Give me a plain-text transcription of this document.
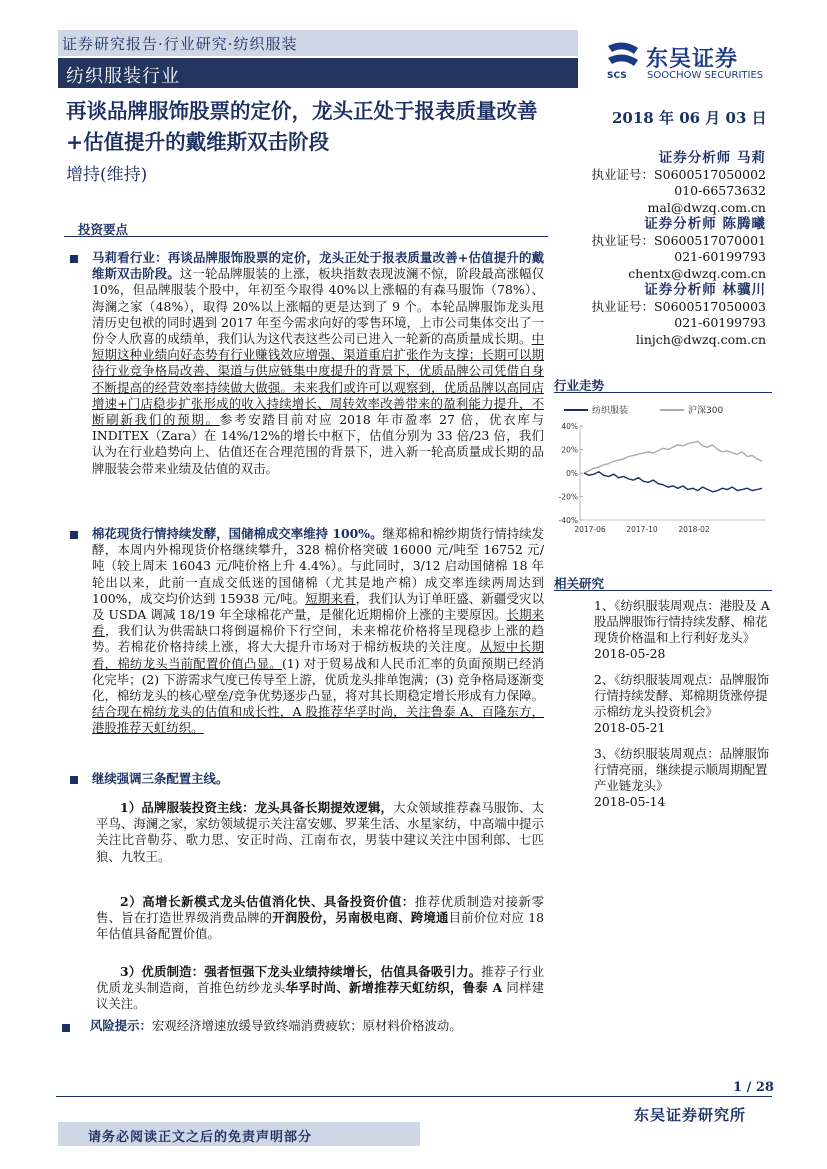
证券研究报告·行业研究·纺织服装
纺织服装行业	SCS
东吴证券
SOOCHOW SECURITIES
再谈品牌服饰股票的定价，龙头正处于报表质量改善+估值提升的戴维斯双击阶段
增持(维持)
2018 年 06 月 03 日
证券分析师 马莉
执业证号：S0600517050002
010-66573632
mal@dwzq.com.cn
证券分析师 陈腾曦
执业证号：S0600517070001
021-60199793
chentx@dwzq.com.cn
证券分析师 林骥川
执业证号：S0600517050003
021-60199793
linjch@dwzq.com.cn
投资要点
马莉看行业：再谈品牌服饰股票的定价，龙头正处于报表质量改善+估值提升的戴维斯双击阶段。这一轮品牌服装的上涨，板块指数表现波澜不惊，阶段最高涨幅仅 10%，但品牌服装个股中，年初至今取得 40%以上涨幅的有森马服饰（78%）、海澜之家（48%），取得 20%以上涨幅的更是达到了 9 个。本轮品牌服饰龙头甩清历史包袱的同时遇到 2017 年至今需求向好的零售环境，上市公司集体交出了一份令人欣喜的成绩单，我们认为这代表这些公司已进入一轮新的高质量成长期。中短期这种业绩向好态势有行业赚钱效应增强、渠道重启扩张作为支撑；长期可以期待行业竞争格局改善、渠道与供应链集中度提升的背景下，优质品牌公司凭借自身不断提高的经营效率持续做大做强。未来我们或许可以观察到，优质品牌以高同店增速+门店稳步扩张形成的收入持续增长、周转效率改善带来的盈利能力提升，不断刷新我们的预期。参考安踏目前对应 2018 年市盈率 27 倍，优衣库与 INDITEX（Zara）在 14%/12%的增长中枢下，估值分别为 33 倍/23 倍，我们认为在行业趋势向上、估值还在合理范围的背景下，进入新一轮高质量成长期的品牌服装会带来业绩及估值的双击。
棉花现货行情持续发酵，国储棉成交率维持 100%。继郑棉和棉纱期货行情持续发酵，本周内外棉现货价格继续攀升，328 棉价格突破 16000 元/吨至 16752 元/吨（较上周末 16043 元/吨价格上升 4.4%）。与此同时，3/12 启动国储棉 18 年轮出以来，此前一直成交低迷的国储棉（尤其是地产棉）成交率连续两周达到 100%，成交均价达到 15938 元/吨。短期来看，我们认为订单旺盛、新疆受灾以及 USDA 调减 18/19 年全球棉花产量，是催化近期棉价上涨的主要原因。长期来看，我们认为供需缺口将倒逼棉价下行空间，未来棉花价格将呈现稳步上涨的趋势。若棉花价格持续上涨，将大大提升市场对于棉纺板块的关注度。从短中长期看，棉纺龙头当前配置价值凸显。(1) 对于贸易战和人民币汇率的负面预期已经消化完毕；(2) 下游需求气度已传导至上游，优质龙头排单饱满；(3) 竞争格局逐渐变化，棉纺龙头的核心壁垒/竞争优势逐步凸显，将对其长期稳定增长形成有力保障。结合现在棉纺龙头的估值和成长性，A 股推荐华孚时尚，关注鲁泰 A、百隆东方，港股推荐天虹纺织。
继续强调三条配置主线。
1）品牌服装投资主线：龙头具备长期提效逻辑，大众领域推荐森马服饰、太平鸟、海澜之家，家纺领域提示关注富安娜、罗莱生活、水星家纺，中高端中提示关注比音勒芬、歌力思、安正时尚、江南布衣，男装中建议关注中国利郎、七匹狼、九牧王。
2）高增长新模式龙头估值消化快、具备投资价值：推荐优质制造对接新零售、旨在打造世界级消费品牌的开润股份，另南极电商、跨境通目前价位对应 18 年估值具备配置价值。
3）优质制造：强者恒强下龙头业绩持续增长，估值具备吸引力。推荐子行业优质龙头制造商，首推色纺纱龙头华孚时尚、新增推荐天虹纺织，鲁泰 A 同样建议关注。
风险提示：宏观经济增速放缓导致终端消费疲软；原材料价格波动。
行业走势
40%
20%
0%
-20%
-40%
2017-06	2017-10	2018-02
纺织服装	沪深300
相关研究
1、《纺织服装周观点：港股及 A 股品牌服饰行情持续发酵、棉花现货价格温和上行利好龙头》
2018-05-28
2、《纺织服装周观点：品牌服饰行情持续发酵、郑棉期货涨停提示棉纺龙头投资机会》
2018-05-21
3、《纺织服装周观点：品牌服饰行情亮丽，继续提示顺周期配置产业链龙头》
2018-05-14
1 / 28
东吴证券研究所
请务必阅读正文之后的免责声明部分
